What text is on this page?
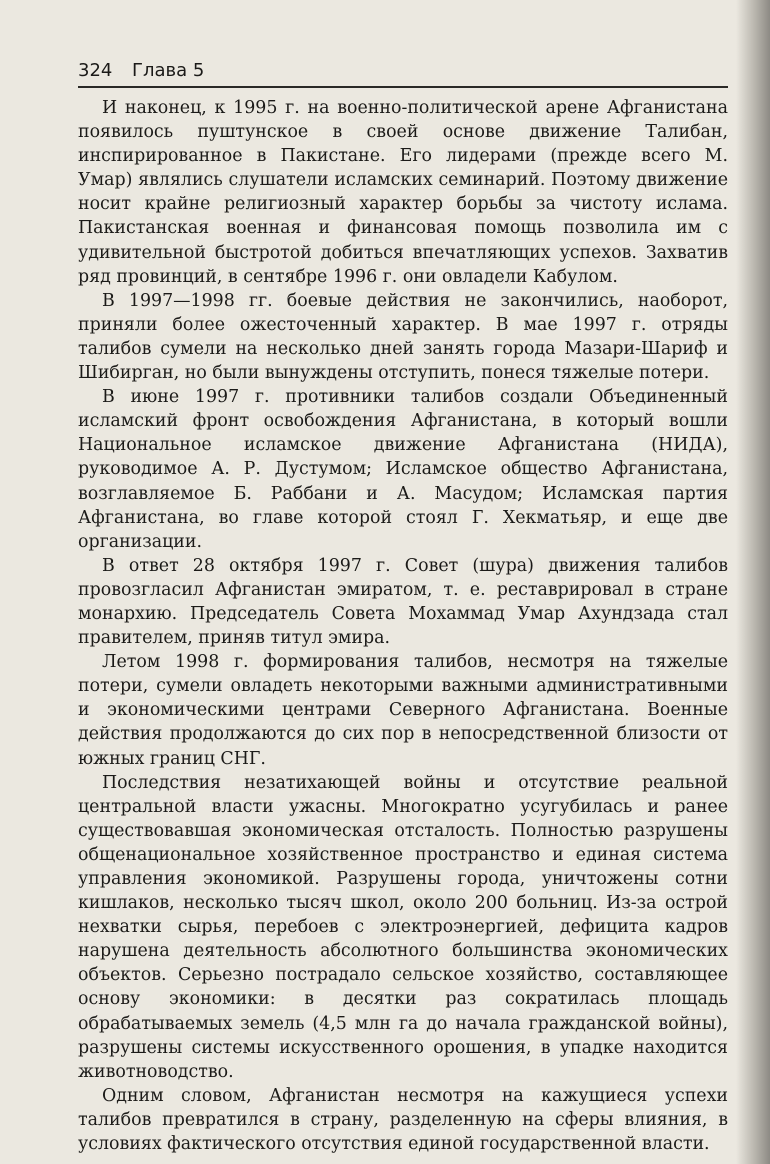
324 Глава 5

И наконец, к 1995 г. на военно-политической арене Афганистана появилось пуштунское в своей основе движение Талибан, инспирированное в Пакистане. Его лидерами (прежде всего М. Умар) являлись слушатели исламских семинарий. Поэтому движение носит крайне религиозный характер борьбы за чистоту ислама. Пакистанская военная и финансовая помощь позволила им с удивительной быстротой добиться впечатляющих успехов. Захватив ряд провинций, в сентябре 1996 г. они овладели Кабулом.

В 1997—1998 гг. боевые действия не закончились, наоборот, приняли более ожесточенный характер. В мае 1997 г. отряды талибов сумели на несколько дней занять города Мазари-Шариф и Шибирган, но были вынуждены отступить, понеся тяжелые потери.

В июне 1997 г. противники талибов создали Объединенный исламский фронт освобождения Афганистана, в который вошли Национальное исламское движение Афганистана (НИДА), руководимое А. Р. Дустумом; Исламское общество Афганистана, возглавляемое Б. Раббани и А. Масудом; Исламская партия Афганистана, во главе которой стоял Г. Хекматьяр, и еще две организации.

В ответ 28 октября 1997 г. Совет (шура) движения талибов провозгласил Афганистан эмиратом, т. е. реставрировал в стране монархию. Председатель Совета Мохаммад Умар Ахундзада стал правителем, приняв титул эмира.

Летом 1998 г. формирования талибов, несмотря на тяжелые потери, сумели овладеть некоторыми важными административными и экономическими центрами Северного Афганистана. Военные действия продолжаются до сих пор в непосредственной близости от южных границ СНГ.

Последствия незатихающей войны и отсутствие реальной центральной власти ужасны. Многократно усугубилась и ранее существовавшая экономическая отсталость. Полностью разрушены общенациональное хозяйственное пространство и единая система управления экономикой. Разрушены города, уничтожены сотни кишлаков, несколько тысяч школ, около 200 больниц. Из-за острой нехватки сырья, перебоев с электроэнергией, дефицита кадров нарушена деятельность абсолютного большинства экономических объектов. Серьезно пострадало сельское хозяйство, составляющее основу экономики: в десятки раз сократилась площадь обрабатываемых земель (4,5 млн га до начала гражданской войны), разрушены системы искусственного орошения, в упадке находится животноводство.

Одним словом, Афганистан несмотря на кажущиеся успехи талибов превратился в страну, разделенную на сферы влияния, в условиях фактического отсутствия единой государственной власти.
